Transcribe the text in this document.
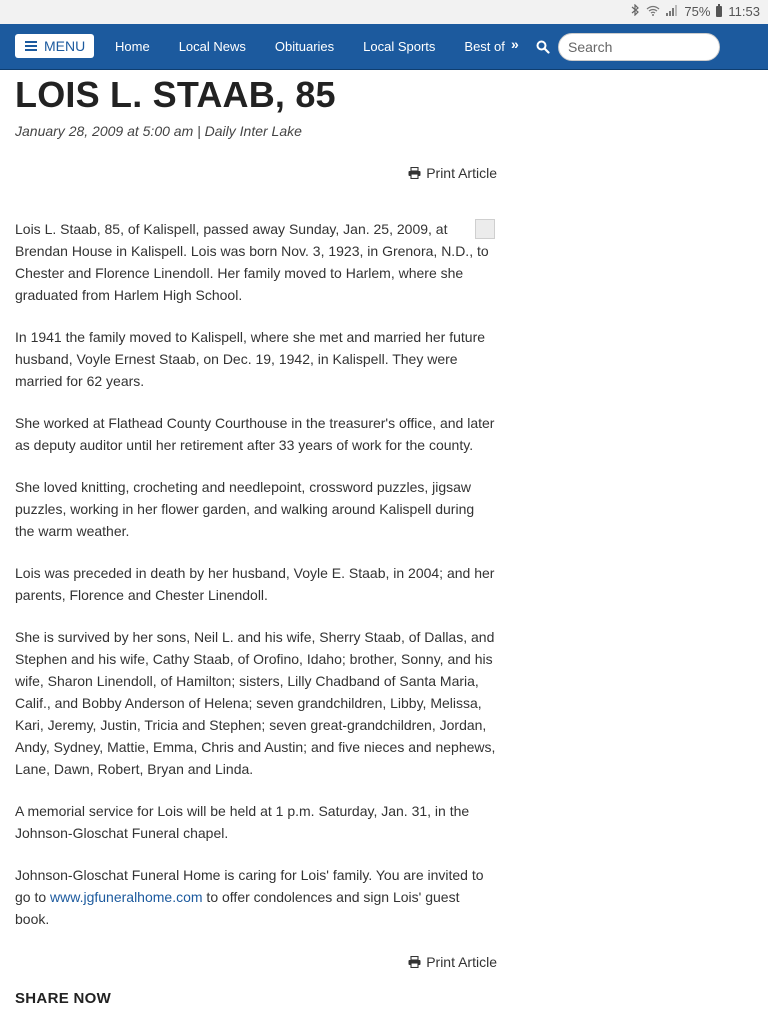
75% 11:53
MENU Home Local News Obituaries Local Sports Best of »
Search
LOIS L. STAAB, 85
January 28, 2009 at 5:00 am | Daily Inter Lake
Print Article

Lois L. Staab, 85, of Kalispell, passed away Sunday, Jan. 25, 2009, at Brendan House in Kalispell. Lois was born Nov. 3, 1923, in Grenora, N.D., to Chester and Florence Linendoll. Her family moved to Harlem, where she graduated from Harlem High School.

In 1941 the family moved to Kalispell, where she met and married her future husband, Voyle Ernest Staab, on Dec. 19, 1942, in Kalispell. They were married for 62 years.

She worked at Flathead County Courthouse in the treasurer's office, and later as deputy auditor until her retirement after 33 years of work for the county.

She loved knitting, crocheting and needlepoint, crossword puzzles, jigsaw puzzles, working in her flower garden, and walking around Kalispell during the warm weather.

Lois was preceded in death by her husband, Voyle E. Staab, in 2004; and her parents, Florence and Chester Linendoll.

She is survived by her sons, Neil L. and his wife, Sherry Staab, of Dallas, and Stephen and his wife, Cathy Staab, of Orofino, Idaho; brother, Sonny, and his wife, Sharon Linendoll, of Hamilton; sisters, Lilly Chadband of Santa Maria, Calif., and Bobby Anderson of Helena; seven grandchildren, Libby, Melissa, Kari, Jeremy, Justin, Tricia and Stephen; seven great-grandchildren, Jordan, Andy, Sydney, Mattie, Emma, Chris and Austin; and five nieces and nephews, Lane, Dawn, Robert, Bryan and Linda.

A memorial service for Lois will be held at 1 p.m. Saturday, Jan. 31, in the Johnson-Gloschat Funeral chapel.

Johnson-Gloschat Funeral Home is caring for Lois' family. You are invited to go to www.jgfuneralhome.com to offer condolences and sign Lois' guest book.

Print Article
SHARE NOW
